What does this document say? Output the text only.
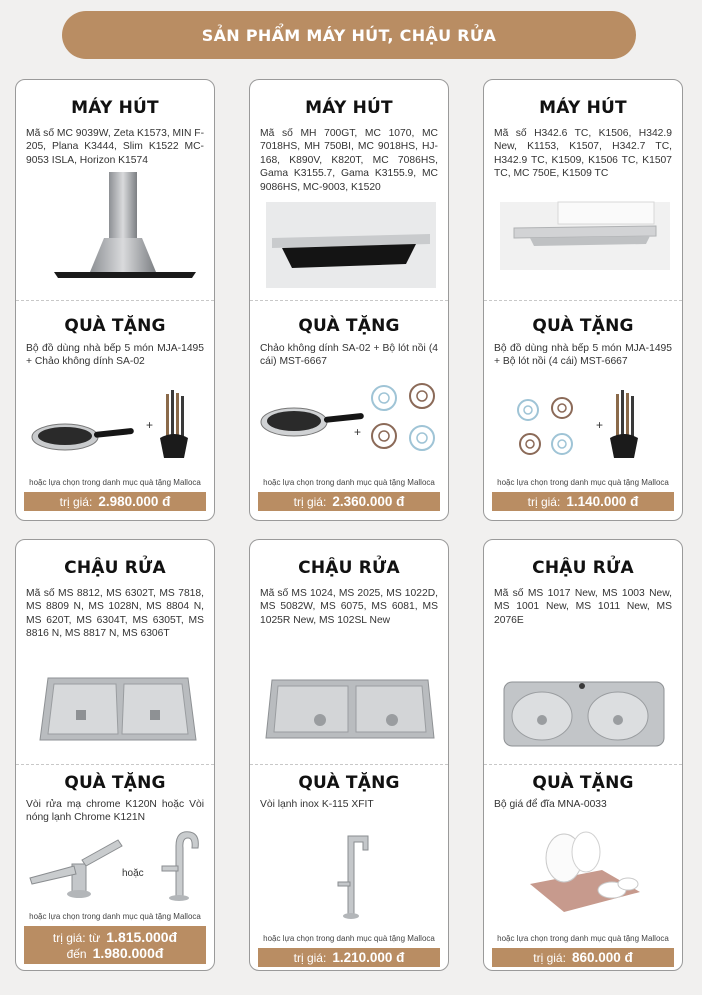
SẢN PHẨM MÁY HÚT, CHẬU RỬA
MÁY HÚT
Mã số MC 9039W, Zeta K1573, MIN F-205, Plana K3444, Slim K1522 MC-9053 ISLA, Horizon K1574
QUÀ TẶNG
Bộ đồ dùng nhà bếp 5 món MJA-1495 + Chảo không dính SA-02
+
hoặc lựa chọn trong danh mục quà tặng Malloca
trị giá: 2.980.000 đ
MÁY HÚT
Mã số MH 700GT, MC 1070, MC 7018HS, MH 750BI, MC 9018HS, HJ-168, K890V, K820T, MC 7086HS, Gama K3155.7, Gama K3155.9, MC 9086HS, MC-9003, K1520
QUÀ TẶNG
Chảo không dính SA-02 + Bộ lót nồi (4 cái) MST-6667
+
hoặc lựa chọn trong danh mục quà tặng Malloca
trị giá: 2.360.000 đ
MÁY HÚT
Mã số H342.6 TC, K1506, H342.9 New, K1153, K1507, H342.7 TC, H342.9 TC, K1509, K1506 TC, K1507 TC, MC 750E, K1509 TC
QUÀ TẶNG
Bộ đồ dùng nhà bếp 5 món MJA-1495 + Bộ lót nồi (4 cái) MST-6667
+
hoặc lựa chọn trong danh mục quà tặng Malloca
trị giá: 1.140.000 đ
CHẬU RỬA
Mã số MS 8812, MS 6302T, MS 7818, MS 8809 N, MS 1028N, MS 8804 N, MS 620T, MS 6304T, MS 6305T, MS 8816 N, MS 8817 N, MS 6306T
QUÀ TẶNG
Vòi rửa mạ chrome K120N hoặc Vòi nóng lạnh Chrome K121N
hoặc
hoặc lựa chọn trong danh mục quà tặng Malloca
trị giá: từ 1.815.000đ
đến 1.980.000đ
CHẬU RỬA
Mã số MS 1024, MS 2025, MS 1022D, MS 5082W, MS 6075, MS 6081, MS 1025R New, MS 102SL New
QUÀ TẶNG
Vòi lạnh inox K-115 XFIT
hoặc lựa chọn trong danh mục quà tặng Malloca
trị giá: 1.210.000 đ
CHẬU RỬA
Mã số MS 1017 New, MS 1003 New, MS 1001 New, MS 1011 New, MS 2076E
QUÀ TẶNG
Bộ giá để đĩa MNA-0033
hoặc lựa chọn trong danh mục quà tặng Malloca
trị giá: 860.000 đ
